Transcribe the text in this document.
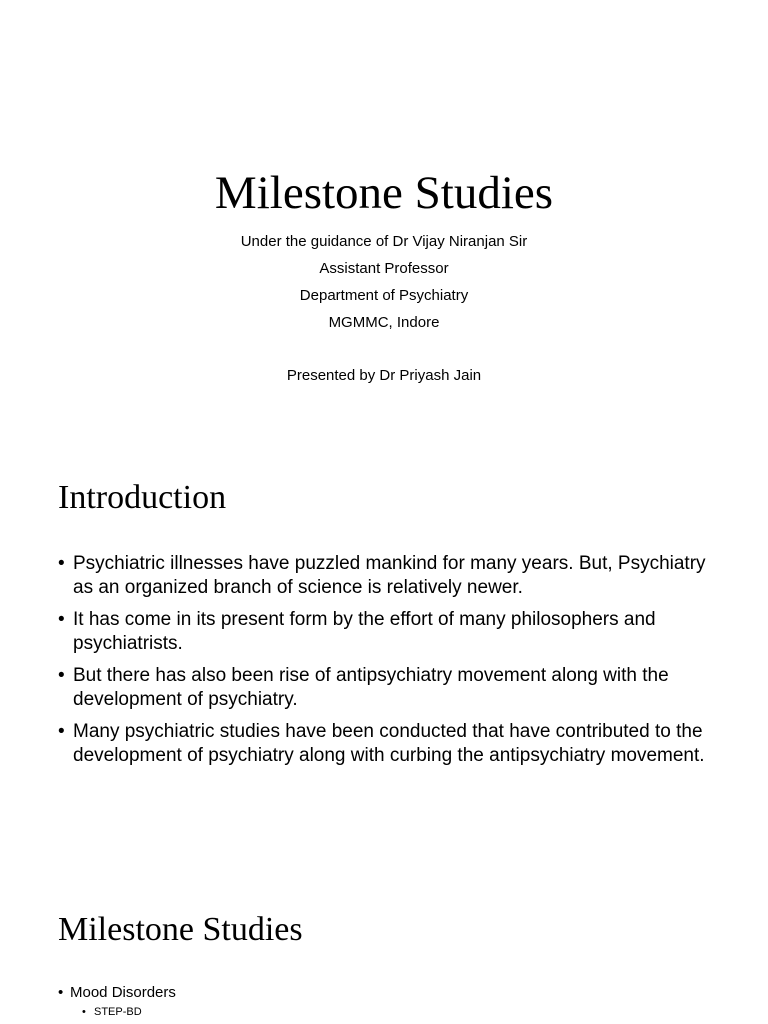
Milestone Studies
Under the guidance of Dr Vijay Niranjan Sir
Assistant Professor
Department of Psychiatry
MGMMC, Indore
Presented by Dr Priyash Jain
Introduction
• Psychiatric illnesses have puzzled mankind for many years. But, Psychiatry as an organized branch of science is relatively newer.
• It has come in its present form by the effort of many philosophers and psychiatrists.
• But there has also been rise of antipsychiatry movement along with the development of psychiatry.
• Many psychiatric studies have been conducted that have contributed to the development of psychiatry along with curbing the antipsychiatry movement.
Milestone Studies
• Mood Disorders
• STEP-BD
